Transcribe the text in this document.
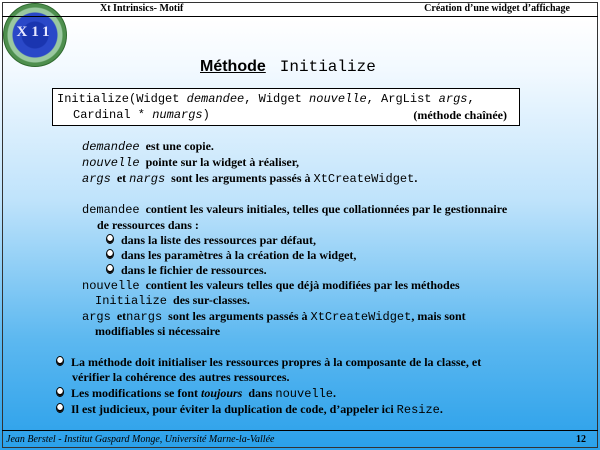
X11
Xt Intrinsics- Motif	Création d’une widget d’affichage
Méthode Initialize
Initialize(Widget demandee, Widget nouvelle, ArgList args,
Cardinal * numargs)	(méthode chaînée)
demandee est une copie.
nouvelle pointe sur la widget à réaliser,
args et nargs sont les arguments passés à XtCreateWidget.
demandee contient les valeurs initiales, telles que collationnées par le gestionnaire
de ressources dans :
dans la liste des ressources par défaut,
dans les paramètres à la création de la widget,
dans le fichier de ressources.
nouvelle contient les valeurs telles que déjà modifiées par les méthodes
Initialize des sur-classes.
args etnargs sont les arguments passés à XtCreateWidget, mais sont
modifiables si nécessaire
La méthode doit initialiser les ressources propres à la composante de la classe, et
vérifier la cohérence des autres ressources.
Les modifications se font toujours dans nouvelle.
Il est judicieux, pour éviter la duplication de code, d’appeler ici Resize.
Jean Berstel - Institut Gaspard Monge, Université Marne-la-Vallée	12
